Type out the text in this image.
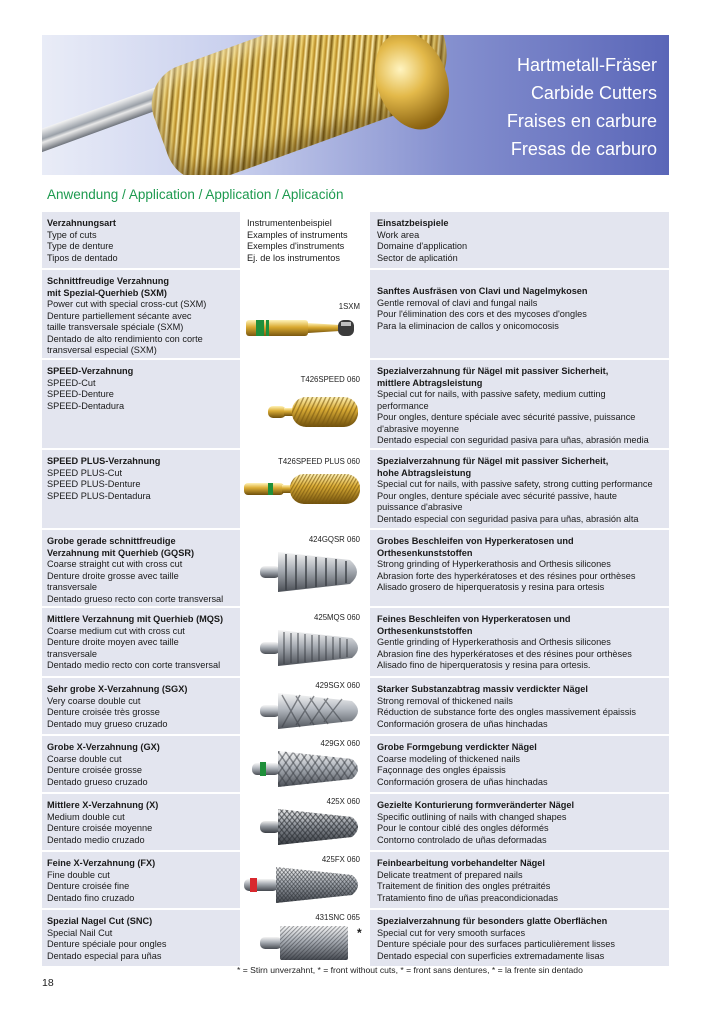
Hartmetall-Fräser
Carbide Cutters
Fraises en carbure
Fresas de carburo
Anwendung / Application / Application / Aplicación
Verzahnungsart
Type of cuts
Type de denture
Tipos de dentado
Instrumentenbeispiel
Examples of instruments
Exemples d'instruments
Ej. de los instrumentos
Einsatzbeispiele
Work area
Domaine d'application
Sector de aplicatión
Schnittfreudige Verzahnung
mit Spezial-Querhieb (SXM)
Power cut with special cross-cut (SXM)
Denture partiellement sécante avec
taille transversale spéciale (SXM)
Dentado de alto rendimiento con corte
transversal especial (SXM)
1SXM
Sanftes Ausfräsen von Clavi und Nagelmykosen
Gentle removal of clavi and fungal nails
Pour l'élimination des cors et des mycoses d'ongles
Para la eliminacion de callos y onicomocosis
SPEED-Verzahnung
SPEED-Cut
SPEED-Denture
SPEED-Dentadura
T426SPEED 060
Spezialverzahnung für Nägel mit passiver Sicherheit,
mittlere Abtragsleistung
Special cut for nails, with passive safety, medium cutting
performance
Pour ongles, denture spéciale avec sécurité passive, puissance
d'abrasive moyenne
Dentado especial con seguridad pasiva para uñas, abrasión media
SPEED PLUS-Verzahnung
SPEED PLUS-Cut
SPEED PLUS-Denture
SPEED PLUS-Dentadura
T426SPEED PLUS 060 Spezialverzahnung für Nägel mit passiver Sicherheit,
hohe Abtragsleistung
Special cut for nails, with passive safety, strong cutting performance
Pour ongles, denture spéciale avec sécurité passive, haute
puissance d'abrasive
Dentado especial con seguridad pasiva para uñas, abrasión alta
Grobe gerade schnittfreudige
Verzahnung mit Querhieb (GQSR)
Coarse straight cut with cross cut
Denture droite grosse avec taille
transversale
Dentado grueso recto con corte transversal
424GQSR 060 Grobes Beschleifen von Hyperkeratosen und
Orthesenkunststoffen
Strong grinding of Hyperkerathosis and Orthesis silicones
Abrasion forte des hyperkératoses et des résines pour orthèses
Alisado grosero de hiperqueratosis y resina para ortesis
Mittlere Verzahnung mit Querhieb (MQS)
Coarse medium cut with cross cut
Denture droite moyen avec taille
transversale
Dentado medio recto con corte transversal
425MQS 060 Feines Beschleifen von Hyperkeratosen und
Orthesenkunststoffen
Gentle grinding of Hyperkerathosis and Orthesis silicones
Abrasion fine des hyperkératoses et des résines pour orthèses
Alisado fino de hiperqueratosis y resina para ortesis.
Sehr grobe X-Verzahnung (SGX)
Very coarse double cut
Denture croisée très grosse
Dentado muy grueso cruzado
429SGX 060 Starker Substanzabtrag massiv verdickter Nägel
Strong removal of thickened nails
Réduction de substance forte des ongles massivement épaissis
Conformación grosera de uñas hinchadas
Grobe X-Verzahnung (GX)
Coarse double cut
Denture croisée grosse
Dentado grueso cruzado
429GX 060 Grobe Formgebung verdickter Nägel
Coarse modeling of thickened nails
Façonnage des ongles épaissis
Conformación grosera de uñas hinchadas
Mittlere X-Verzahnung (X)
Medium double cut
Denture croisée moyenne
Dentado medio cruzado
425X 060 Gezielte Konturierung formveränderter Nägel
Specific outlining of nails with changed shapes
Pour le contour ciblé des ongles déformés
Contorno controlado de uñas deformadas
Feine X-Verzahnung (FX)
Fine double cut
Denture croisée fine
Dentado fino cruzado
425FX 060 Feinbearbeitung vorbehandelter Nägel
Delicate treatment of prepared nails
Traitement de finition des ongles prétraités
Tratamiento fino de uñas preacondicionadas
Spezial Nagel Cut (SNC)
Special Nail Cut
Denture spéciale pour ongles
Dentado especial para uñas
431SNC 065
*
Spezialverzahnung für besonders glatte Oberflächen
Special cut for very smooth surfaces
Denture spéciale pour des surfaces particulièrement lisses
Dentado especial con superficies extremadamente lisas
* = Stirn unverzahnt, * = front without cuts, * = front sans dentures, * = la frente sin dentado
18
